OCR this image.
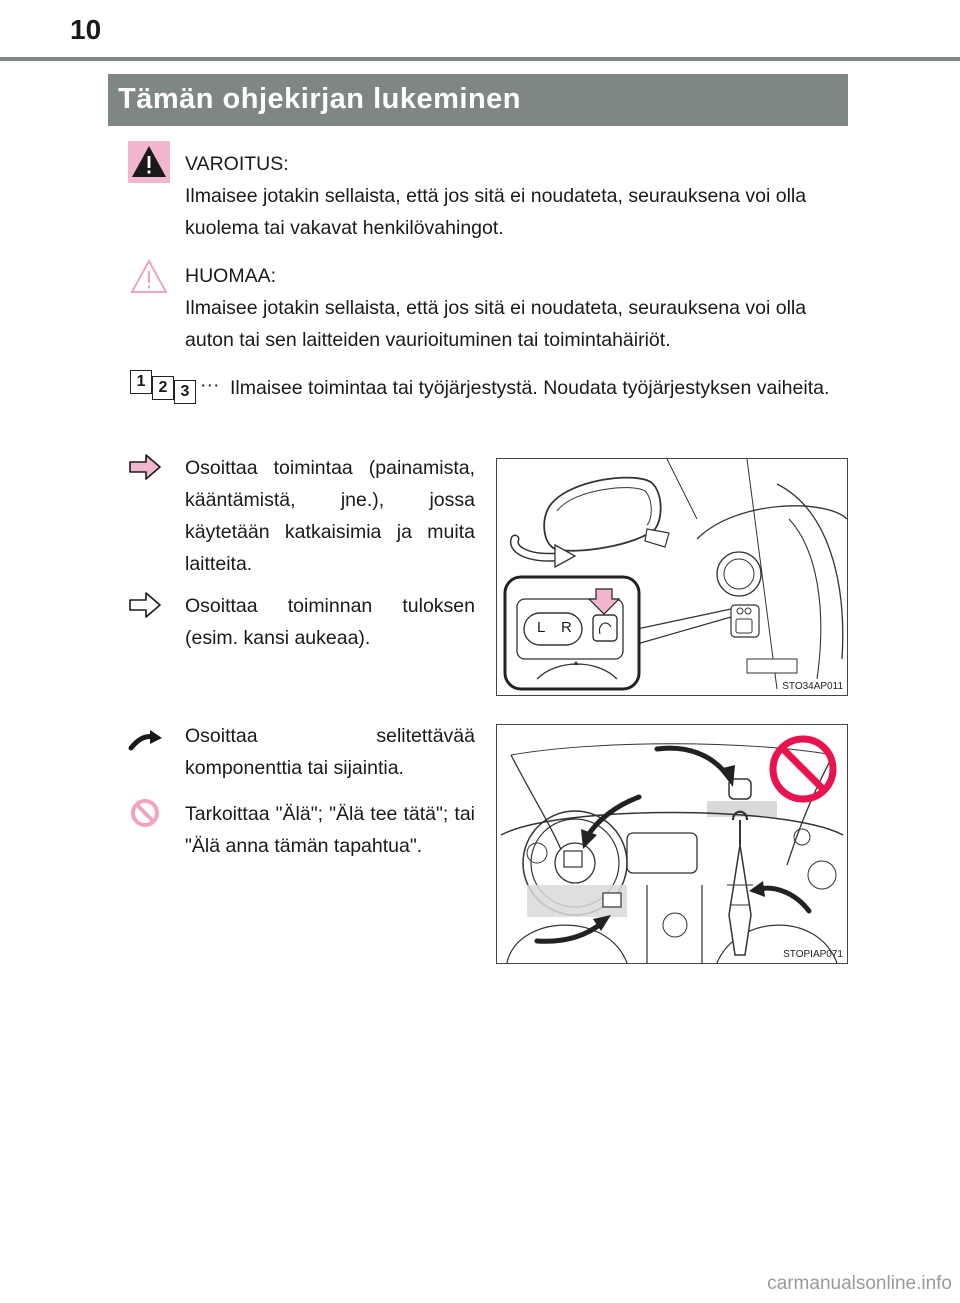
10
Tämän ohjekirjan lukeminen
VAROITUS:
Ilmaisee jotakin sellaista, että jos sitä ei noudateta, seurauksena voi olla kuolema tai vakavat henkilövahingot.
HUOMAA:
Ilmaisee jotakin sellaista, että jos sitä ei noudateta, seurauksena voi olla auton tai sen laitteiden vaurioituminen tai toimintahäiriöt.
1 2 3 ··· Ilmaisee toimintaa tai työjärjestystä. Noudata työjärjestyksen vaiheita.
Osoittaa toimintaa (painamista, kääntämistä, jne.), jossa käytetään katkaisimia ja muita laitteita.
Osoittaa toiminnan tuloksen (esim. kansi aukeaa).
Osoittaa selitettävää komponenttia tai sijaintia.
Tarkoittaa "Älä"; "Älä tee tätä"; tai "Älä anna tämän tapahtua".
L R
STO34AP011
STOPIAP071
carmanualsonline.info
